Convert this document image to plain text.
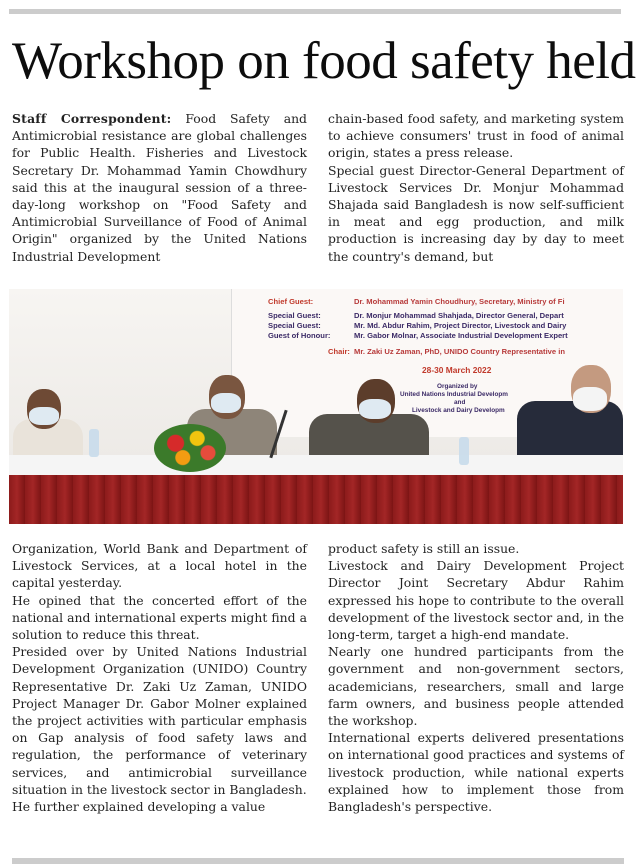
Workshop on food safety held

Staff Correspondent: Food Safety and Antimicrobial resistance are global challenges for Public Health. Fisheries and Livestock Secretary Dr. Mohammad Yamin Chowdhury said this at the inaugural session of a three-day-long workshop on "Food Safety and Antimicrobial Surveillance of Food of Animal Origin" organized by the United Nations Industrial Development

chain-based food safety, and marketing system to achieve consumers' trust in food of animal origin, states a press release.

Special guest Director-General Department of Livestock Services Dr. Monjur Mohammad Shajada said Bangladesh is now self-sufficient in meat and egg production, and milk production is increasing day by day to meet the country's demand, but

Chief Guest:	Dr. Mohammad Yamin Choudhury, Secretary, Ministry of Fi
Special Guest:	Dr. Monjur Mohammad Shahjada, Director General, Depart
Special Guest:	Mr. Md. Abdur Rahim, Project Director, Livestock and Dairy
Guest of Honour:	Mr. Gabor Molnar, Associate Industrial Development Expert
Chair: Mr. Zaki Uz Zaman, PhD, UNIDO Country Representative in
28-30 March 2022
Organized by
United Nations Industrial Developm
and
Livestock and Dairy Developm

Organization, World Bank and Department of Livestock Services, at a local hotel in the capital yesterday.

He opined that the concerted effort of the national and international experts might find a solution to reduce this threat.

Presided over by United Nations Industrial Development Organization (UNIDO) Country Representative Dr. Zaki Uz Zaman, UNIDO Project Manager Dr. Gabor Molner explained the project activities with particular emphasis on Gap analysis of food safety laws and regulation, the performance of veterinary services, and antimicrobial surveillance situation in the livestock sector in Bangladesh.

He further explained developing a value

product safety is still an issue.

Livestock and Dairy Development Project Director Joint Secretary Abdur Rahim expressed his hope to contribute to the overall development of the livestock sector and, in the long-term, target a high-end mandate.

Nearly one hundred participants from the government and non-government sectors, academicians, researchers, small and large farm owners, and business people attended the workshop.

International experts delivered presentations on international good practices and systems of livestock production, while national experts explained how to implement those from Bangladesh's perspective.
